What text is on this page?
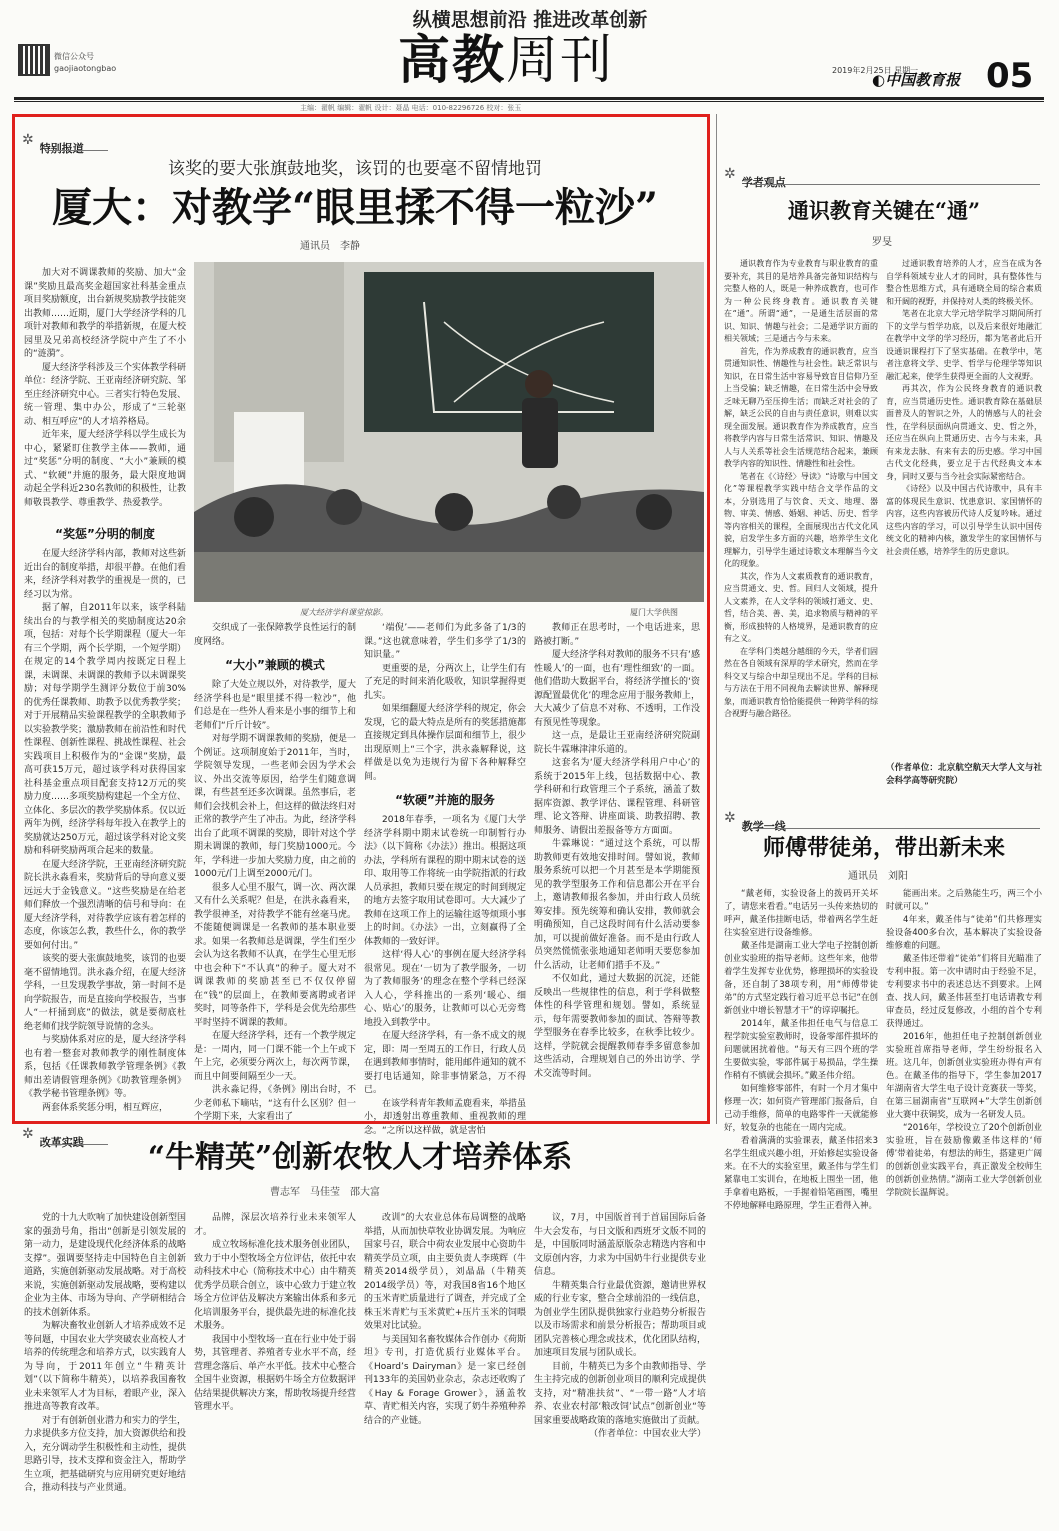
微信公众号
gaojiaotongbao
纵横思想前沿 推进改革创新
高教周刊	2019年2月25日 星期一
◐中国教育报 05
主编：翟帆 编辑：翟帆 设计：聂晶 电话：010-82296726 校对：张玉
✲
特别报道
该奖的要大张旗鼓地奖，该罚的也要毫不留情地罚
厦大：对教学“眼里揉不得一粒沙”
通讯员　李静

加大对不调课教师的奖励、加大“金课”奖励且最高奖金超国家社科基金重点项目奖励额度，出台新规奖励教学技能突出教师……近期，厦门大学经济学科的几项针对教师和教学的举措新规，在厦大校园里及兄弟高校经济学院中产生了不小的“涟漪”。

厦大经济学科涉及三个实体教学科研单位：经济学院、王亚南经济研究院、邹至庄经济研究中心。三者实行特色发展、统一管理、集中办公，形成了“三轮驱动、相互呼应”的人才培养格局。

近年来，厦大经济学科以学生成长为中心，紧紧盯住教学主体——教师，通过“奖惩”分明的制度、“大小”兼顾的模式、“软硬”并施的服务，最大限度地调动起全学科近230名教师的积极性，让教师敬畏教学、尊重教学、热爱教学。

“奖惩”分明的制度

在厦大经济学科内部，教师对这些新近出台的制度举措，却很平静。在他们看来，经济学科对教学的重视是一贯的，已经习以为常。

据了解，自2011年以来，该学科陆续出台的与教学相关的奖励制度达20余项，包括：对每个长学期课程（厦大一年有三个学期，两个长学期，一个短学期）在规定的14个教学周内按既定日程上课，未调课、未调课的教师予以未调课奖励；对每学期学生测评分数位于前30%的优秀任课教师、助教予以优秀教学奖；对于开展精品实验课程教学的全职教师予以实验教学奖；激励教师在前沿性和时代性课程、创新性课程、挑战性课程、社会实践项目上积极作为的“金课”奖励，最高可获15万元，超过该学科对获得国家社科基金重点项目配套支持12万元的奖励力度……多项奖励构建起一个全方位、立体化、多层次的教学奖励体系。仅以近两年为例，经济学科每年投入在教学上的奖励就达250万元，超过该学科对论文奖励和科研奖励两项合起来的数量。

在厦大经济学院，王亚南经济研究院院长洪永淼看来，奖励背后的导向意义要远远大于金钱意义。“这些奖励是在给老师们释放一个强烈清晰的信号和导向：在厦大经济学科，对待教学应该有着怎样的态度，你该怎么教，教些什么，你的教学要如何付出。”

该奖的要大张旗鼓地奖，该罚的也要毫不留情地罚。洪永淼介绍，在厦大经济学科，一旦发现教学事故，第一时间不是向学院报告，而是直接向学校报告，当事人“一杆捅到底”的做法，就是要彻底杜绝老师们找学院领导说情的念头。

与奖励体系对应的是，厦大经济学科也有着一整套对教师教学的刚性制度体系，包括《任课教师教学管理条例》《教师出差请假管理条例》《助教管理条例》《教学秘书管理条例》等。

两套体系奖惩分明，相互辉应，

厦大经济学科课堂掠影。	厦门大学供图

交织成了一张保障教学良性运行的制度网络。

“大小”兼顾的模式

除了大处立规以外，对待教学，厦大经济学科也是“眼里揉不得一粒沙”，他们总是在一些外人看来是小事的细节上和老师们“斤斤计较”。

对每学期不调课教师的奖励，便是一个例证。这项制度始于2011年，当时，学院领导发现，一些老师会因为学术会议、外出交流等原因，给学生们随意调课，有些甚至还多次调课。虽然事后，老师们会找机会补上，但这样的做法终归对正常的教学产生了冲击。为此，经济学科出台了此项不调课的奖励，即针对这个学期未调课的教师，每门奖励1000元。今年，学科进一步加大奖励力度，由之前的1000元/门上调至2000元/门。

很多人心里不服气，调一次、两次课又有什么关系呢？但是，在洪永淼看来，教学很神圣，对待教学不能有丝毫马虎。不能随便调课是一名教师的基本职业要求。如果一名教师总是调课，学生们至少会认为这名教师不认真，在学生心里无形中也会种下“不认真”的种子。厦大对不调课教师的奖励甚至已不仅仅停留在“钱”的层面上，在教师要离聘或者评奖时，同等条件下，学科是会优先给那些平时坚持不调课的教师。

在厦大经济学科，还有一个教学规定是：一周内，同一门课不能一个上午或下午上完，必须要分两次上，每次两节课，而且中间要间隔至少一天。

洪永淼记得，《条例》刚出台时，不少老师私下嘀咕，“这有什么区别？但一个学期下来，大家看出了

‘端倪’——老师们为此多备了1/3的课。”这也就意味着，学生们多学了1/3的知识量。”

更重要的是，分两次上，让学生们有了充足的时间来消化吸收，知识掌握得更扎实。

如果细翻厦大经济学科的规定，你会发现，它的最大特点是所有的奖惩措施都直接规定到具体操作层面和细节上，很少出现原则上“三个字，洪永淼解释说，这样做是以免为违规行为留下各种解释空间。

“软硬”并施的服务

2018年春季，一项名为《厦门大学经济学科期中期末试卷统一印制暂行办法》（以下简称《办法》）推出。根据这项办法，学科所有课程的期中期末试卷的送印、取用等工作将统一由学院指派的行政人员承担，教师只要在规定的时间到规定的地方去签字取用试卷即可。大大减少了教师在这项工作上的运输往返等烦琐小事上的时间。《办法》一出，立刻赢得了全体教师的一致好评。

这样‘得人心’的事例在厦大经济学科很常见。现在‘一切为了教学服务，一切为了教师服务’的理念在整个学科已经深入人心，学科推出的一系列‘暖心、细心、贴心’的服务，让教师可以心无旁骛地投入到教学中。

在厦大经济学科，有一条不成文的规定，即：周一至周五的工作日，行政人员在遇到教师事情时，能用邮件通知的就不要打电话通知，除非事情紧急，万不得已。

在该学科青年教师孟鹿看来，举措虽小，却透射出尊重教师、重视教师的理念。“之所以这样做，就是害怕

教师正在思考时，一个电话进来，思路被打断。”

厦大经济学科对教师的服务不只有‘感性暖人’的一面，也有‘理性细致’的一面。他们借助大数据平台，将经济学擅长的‘资源配置最优化’的理念应用于服务教师上，大大减少了信息不对称、不透明，工作没有预见性等现象。

这一点，是最让王亚南经济研究院副院长牛霖琳津津乐道的。

这套名为‘厦大经济学科用户中心’的系统于2015年上线，包括数据中心、教学科研和行政管理三个子系统，涵盖了数据库资源、教学评估、课程管理、科研管理、论文答辩、讲座面谈、助教招聘、教师服务、请假出差报备等方方面面。

牛霖琳说：“通过这个系统，可以帮助教师更有效地安排时间。譬如说，教师服务系统可以把一个月甚至是本学期能预见的教学型服务工作和信息都公开在平台上，邀请教师报名参加，并由行政人员统筹安排。预先统筹和确认安排，教师就会明确预知，自己这段时间有什么活动要参加，可以提前做好准备。而不是由行政人员突然慌慌张张地通知老师明天要您参加什么活动，让老师们措手不及。”

不仅如此，通过大数据的沉淀，还能反映出一些规律性的信息，利于学科做整体性的科学管理和规划。譬如，系统显示，每年需要教师参加的面试、答辩等教学型服务在春季比较多，在秋季比较少。这样，学院就会提醒教师春季多留意参加这些活动，合理规划自己的外出访学、学术交流等时间。

✲
学者观点
通识教育关键在“通”
罗旻

通识教育作为专业教育与职业教育的重要补充，其目的是培养具备完备知识结构与完整人格的人，既是一种养成教育，也可作为一种公民终身教育。通识教育关键在“通”。所谓“通”，一是通生活层面的常识、知识、情趣与社会；二是通学识方面的相关领域；三是通古今与未来。

首先，作为养成教育的通识教育，应当贯通知识性、情趣性与社会性。缺乏常识与知识，在日常生活中容易导致盲目信仰乃至上当受骗；缺乏情趣，在日常生活中会导致乏味无聊乃至压抑生活；而缺乏对社会的了解，缺乏公民的自由与责任意识，则难以实现全面发展。通识教育作为养成教育，应当将教学内容与日常生活常识、知识、情趣及人与人关系等社会生活规范结合起来，兼顾教学内容的知识性、情趣性和社会性。

笔者在《〈诗经〉导读》“诗歌与中国文化”等课程教学实践中结合文学作品的文本，分别选用了与饮食、天文、地理、器物、审美、情感、婚姻、神话、历史、哲学等内容相关的课程，全面展现出古代文化风貌，启发学生多方面的兴趣，培养学生文化理解力，引导学生通过诗歌文本理解当今文化的现象。

其次，作为人文素质教育的通识教育，应当贯通文、史、哲。回归人文领域，提升人文素养，在人文学科的领域打通文、史、哲，结合美、善、美，追求物质与精神的平衡，形成独特的人格境界，是通识教育的应有之义。

在学科门类越分越细的今天，学者们固然在各自领域有深厚的学术研究，然而在学科交叉与综合中却呈现出不足。学科的目标与方法在于用不同视角去解读世界、解释现象，而通识教育恰恰能提供一种跨学科的综合视野与融合路径。

过通识教育培养的人才，应当在成为各自学科领域专业人才的同时，具有整体性与整合性思维方式，具有通晓全局的综合素质和开阔的视野，并保持对人类的终极关怀。

笔者在北京大学元培学院学习期间所打下的文学与哲学功底，以及后来很好地融汇在教学中文学的学习经历，都为笔者此后开设通识课程打下了坚实基础。在教学中，笔者注意将文学、史学、哲学与伦理学等知识融汇起来，使学生获得更全面的人文视野。

再其次，作为公民终身教育的通识教育，应当贯通历史性。通识教育除在基础层面普及人的智识之外，人的情感与人的社会性，在学科层面纵向贯通文、史、哲之外，还应当在纵向上贯通历史、古今与未来，具有来龙去脉、有来有去的历史感。学习中国古代文化经典，要立足于古代经典文本本身，同时又要与当今社会实际紧密结合。

《诗经》以及中国古代诗歌中，具有丰富的体现民生意识、忧患意识、家国情怀的内容，这些内容被历代诗人反复吟咏。通过这些内容的学习，可以引导学生认识中国传统文化的精神内核，激发学生的家国情怀与社会责任感，培养学生的历史意识。

（作者单位：北京航空航天大学人文与社会科学高等研究院）
✲
教学一线
师傅带徒弟，带出新未来
通讯员　刘阳

“戴老师，实验设备上的拨码开关坏了，请您来看看。”电话另一头传来热切的呼声，戴圣伟挂断电话，带着两名学生赶往实验室进行设备维修。

戴圣伟是湖南工业大学电子控制创新创业实验班的指导老师。这些年来，他带着学生发挥专业优势，修理损坏的实验设备，还自制了38项专利，用“师傅带徒弟”的方式坚定践行着习近平总书记“在创新创业中增长智慧才干”的谆谆嘱托。

2014年，戴圣伟担任电气与信息工程学院实验室教师时，设备零部件损坏的问题就困扰着他。“每天有三四个班的学生要做实验，零部件属于易损品，学生操作稍有不慎就会损坏。”戴圣伟介绍。

如何维修零部件，有时一个月才集中修理一次；如何资产管理部门报备后，自己动手维修，简单的电路零件一天就能修好，较复杂的也能在一周内完成。

看着满满的实验课表，戴圣伟招来3名学生组成兴趣小组，开始修起实验设备来。在不大的实验室里，戴圣伟与学生们紧靠电工实训台，在地板上围坐一团，他手拿着电路板，一手握着铅笔画图，嘴里不停地解释电路原理，学生正看得入神。

能画出来。之后熟能生巧，两三个小时就可以。”

4年来，戴圣伟与“徒弟”们共修理实验设备400多台次，基本解决了实验设备维修难的问题。

戴圣伟还带着“徒弟”们将目光瞄准了专利申报。第一次申请时由于经验不足，专利要求书中的表述总达不到要求。上网查、找人问，戴圣伟甚至打电话请教专利审查员，经过反复修改，小组的首个专利获得通过。

2016年，他担任电子控制创新创业实验班首席指导老师，学生纷纷报名入班。这几年，创新创业实验班办得有声有色。在戴圣伟的指导下，学生参加2017年湖南省大学生电子设计竞赛获一等奖，在第三届湖南省“互联网+”大学生创新创业大赛中获铜奖，成为一名研发人员。

“2016年，学校设立了20个创新创业实验班，旨在鼓励像戴圣伟这样的‘师傅’带着徒弟，有想法的师生，搭建更广阔的创新创业实践平台，真正激发全校师生的创新创业热情。”湖南工业大学创新创业学院院长温辉说。

✲
改革实践	“牛精英”创新农牧人才培养体系
曹志军　马佳莹　邵大富

党的十九大吹响了加快建设创新型国家的强劲号角，指出“创新是引领发展的第一动力，是建设现代化经济体系的战略支撑”。强调要坚持走中国特色自主创新道路，实施创新驱动发展战略。对于高校来说，实施创新驱动发展战略，要构建以企业为主体、市场为导向、产学研相结合的技术创新体系。

为解决畜牧业创新人才培养成效不足等问题，中国农业大学突破农业高校人才培养的传统理念和培养方式，以实践育人为导向，于2011年创立“牛精英计划”（以下简称牛精英），以培养我国畜牧业未来领军人才为目标，着眼产业，深入推进高等教育改革。

对于有创新创业潜力和实力的学生，力求提供多方位支持，加大资源供给和投入，充分调动学生积极性和主动性，提供思路引导，技术支撑和资金注入，帮助学生立项，把基础研究与应用研究更好地结合，推动科技与产业贯通。

品牌，深层次培养行业未来领军人才。

成立牧场标准化技术服务创业团队，致力于中小型牧场全方位评估，依托中农动科技术中心（简称技术中心）由牛精英优秀学员联合创立，该中心致力于建立牧场全方位评估及解决方案输出体系和多元化培训服务平台，提供最先进的标准化技术服务。

我国中小型牧场一直在行业中处于弱势，其管理者、养殖者专业水平不高，经营理念落后、单产水平低。技术中心整合全国牛业资源，根据奶牛场全方位数据评估结果提供解决方案，帮助牧场提升经营管理水平。

改训”的大农业总体布局调整的战略举措，从而加快草牧业协调发展。为响应国家号召，联合中荷农业发展中心资助牛精英学员立项，由主要负责人李瑛辉（牛精英2014级学员），刘晶晶（牛精英2014级学员）等，对我国8省16个地区的玉米青贮质量进行了调查，并完成了全株玉米青贮与玉米黄贮+压片玉米的饲喂效果对比试验。

与美国知名畜牧媒体合作创办《荷斯坦》专刊，打造优质行业媒体平台。《Hoard’s Dairyman》是一家已经创刊133年的美国奶业杂志，杂志还收购了《Hay & Forage Grower》，涵盖牧草、青贮相关内容，实现了奶牛养殖种养结合的产业链。

议，7月，中国版首刊于首届国际后备牛大会发布，与日文版和西班牙文版不同的是，中国版同时涵盖原版杂志精选内容和中文原创内容，力求为中国奶牛行业提供专业信息。

牛精英集合行业最优资源，邀请世界权威的行业专家，整合全球前沿的一线信息，为创业学生团队提供独家行业趋势分析报告以及市场需求和前景分析报告；帮助项目或团队完善核心理念或技术，优化团队结构，加速项目发展与团队成长。

目前，牛精英已为多个由教师指导、学生主持完成的创新创业项目的顺利完成提供支持，对“精准扶贫”、“一带一路”人才培养、农业农村部‘粮改饲’试点”创新创业“等国家重要战略政策的落地实施做出了贡献。

（作者单位：中国农业大学）
